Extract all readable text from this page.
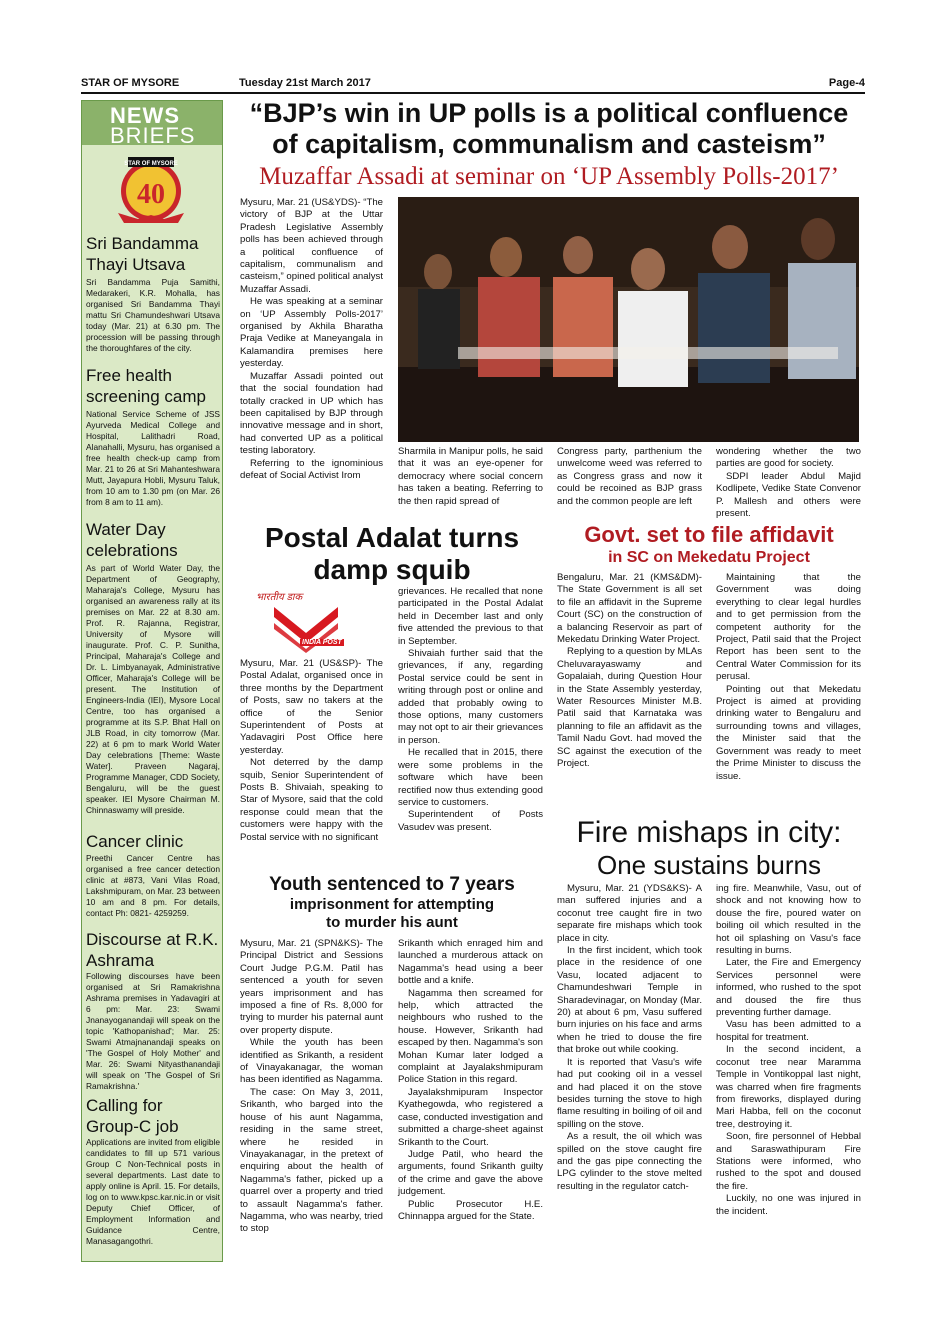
STAR OF MYSORE	Tuesday 21st March 2017	Page-4
NEWS
BRIEFS
STAR OF MYSORE
40
Sri Bandamma Thayi Utsava
Sri Bandamma Puja Samithi, Medarakeri, K.R. Mohalla, has organised Sri Bandamma Thayi mattu Sri Chamundeshwari Utsava today (Mar. 21) at 6.30 pm. The procession will be passing through the thoroughfares of the city.
Free health screening camp
National Service Scheme of JSS Ayurveda Medical College and Hospital, Lalithadri Road, Alanahalli, Mysuru, has organised a free health check-up camp from Mar. 21 to 26 at Sri Mahanteshwara Mutt, Jayapura Hobli, Mysuru Taluk, from 10 am to 1.30 pm (on Mar. 26 from 8 am to 11 am).
Water Day celebrations
As part of World Water Day, the Department of Geography, Maharaja's College, Mysuru has organised an awareness rally at its premises on Mar. 22 at 8.30 am. Prof. R. Rajanna, Registrar, University of Mysore will inaugurate. Prof. C. P. Sunitha, Principal, Maharaja's College and Dr. L. Limbyanayak, Administrative Officer, Maharaja's College will be present. The Institution of Engineers-India (IEI), Mysore Local Centre, too has organised a programme at its S.P. Bhat Hall on JLB Road, in city tomorrow (Mar. 22) at 6 pm to mark World Water Day celebrations [Theme: Waste Water]. Praveen Nagaraj, Programme Manager, CDD Society, Bengaluru, will be the guest speaker. IEI Mysore Chairman M. Chinnaswamy will preside.
Cancer clinic
Preethi Cancer Centre has organised a free cancer detection clinic at #873, Vani Vilas Road, Lakshmipuram, on Mar. 23 between 10 am and 8 pm. For details, contact Ph: 0821- 4259259.
Discourse at R.K. Ashrama
Following discourses have been organised at Sri Ramakrishna Ashrama premises in Yadavagiri at 6 pm: Mar. 23: Swami Jnanayoganandaji will speak on the topic 'Kathopanishad'; Mar. 25: Swami Atmajnanandaji speaks on 'The Gospel of Holy Mother' and Mar. 26: Swami Nityasthanandaji will speak on 'The Gospel of Sri Ramakrishna.'
Calling for Group-C job
Applications are invited from eligible candidates to fill up 571 various Group C Non-Technical posts in several departments. Last date to apply online is April. 15. For details, log on to www.kpsc.kar.nic.in or visit Deputy Chief Officer, of Employment Information and Guidance Centre, Manasagangothri.
“BJP’s win in UP polls is a political confluence
of capitalism, communalism and casteism”
Muzaffar Assadi at seminar on ‘UP Assembly Polls-2017’

Mysuru, Mar. 21 (US&YDS)- “The victory of BJP at the Uttar Pradesh Legislative Assembly polls has been achieved through a political confluence of capitalism, communalism and casteism,” opined political analyst Muzaffar Assadi.

He was speaking at a seminar on ‘UP Assembly Polls-2017’ organised by Akhila Bharatha Praja Vedike at Maneyangala in Kalamandira premises here yesterday.

Muzaffar Assadi pointed out that the social foundation had totally cracked in UP which has been capitalised by BJP through innovative message and in short, had converted UP as a political testing laboratory.

Referring to the ignominious defeat of Social Activist Irom

Sharmila in Manipur polls, he said that it was an eye-opener for democracy where social concern has taken a beating. Referring to the then rapid spread of

Congress party, parthenium the unwelcome weed was referred to as Congress grass and now it could be recoined as BJP grass and the common people are left

wondering whether the two parties are good for society.

SDPI leader Abdul Majid Kodlipete, Vedike State Convenor P. Mallesh and others were present.

Postal Adalat turns
damp squib
भारतीय डाक
INDIA POST

Mysuru, Mar. 21 (US&SP)- The Postal Adalat, organised once in three months by the Department of Posts, saw no takers at the office of the Senior Superintendent of Posts at Yadavagiri Post Office here yesterday.

Not deterred by the damp squib, Senior Superintendent of Posts B. Shivaiah, speaking to Star of Mysore, said that the cold response could mean that the customers were happy with the Postal service with no significant

grievances. He recalled that none participated in the Postal Adalat held in December last and only five attended the previous to that in September.

Shivaiah further said that the grievances, if any, regarding Postal service could be sent in writing through post or online and added that probably owing to those options, many customers may not opt to air their grievances in person.

He recalled that in 2015, there were some problems in the software which have been rectified now thus extending good service to customers.

Superintendent of Posts Vasudev was present.

Youth sentenced to 7 years
imprisonment for attempting
to murder his aunt

Mysuru, Mar. 21 (SPN&KS)- The Principal District and Sessions Court Judge P.G.M. Patil has sentenced a youth for seven years imprisonment and has imposed a fine of Rs. 8,000 for trying to murder his paternal aunt over property dispute.

While the youth has been identified as Srikanth, a resident of Vinayakanagar, the woman has been identified as Nagamma.

The case: On May 3, 2011, Srikanth, who barged into the house of his aunt Nagamma, residing in the same street, where he resided in Vinayakanagar, in the pretext of enquiring about the health of Nagamma's father, picked up a quarrel over a property and tried to assault Nagamma's father. Nagamma, who was nearby, tried to stop

Srikanth which enraged him and launched a murderous attack on Nagamma's head using a beer bottle and a knife.

Nagamma then screamed for help, which attracted the neighbours who rushed to the house. However, Srikanth had escaped by then. Nagamma's son Mohan Kumar later lodged a complaint at Jayalakshmipuram Police Station in this regard.

Jayalakshmipuram Inspector Kyathegowda, who registered a case, conducted investigation and submitted a charge-sheet against Srikanth to the Court.

Judge Patil, who heard the arguments, found Srikanth guilty of the crime and gave the above judgement.

Public Prosecutor H.E. Chinnappa argued for the State.

Govt. set to file affidavit
in SC on Mekedatu Project

Bengaluru, Mar. 21 (KMS&DM)- The State Government is all set to file an affidavit in the Supreme Court (SC) on the construction of a balancing Reservoir as part of Mekedatu Drinking Water Project.

Replying to a question by MLAs Cheluvarayaswamy and Gopalaiah, during Question Hour in the State Assembly yesterday, Water Resources Minister M.B. Patil said that Karnataka was planning to file an affidavit as the Tamil Nadu Govt. had moved the SC against the execution of the Project.

Maintaining that the Government was doing everything to clear legal hurdles and to get permission from the competent authority for the Project, Patil said that the Project Report has been sent to the Central Water Commission for its perusal.

Pointing out that Mekedatu Project is aimed at providing drinking water to Bengaluru and surrounding towns and villages, the Minister said that the Government was ready to meet the Prime Minister to discuss the issue.

Fire mishaps in city:
One sustains burns

Mysuru, Mar. 21 (YDS&KS)- A man suffered injuries and a coconut tree caught fire in two separate fire mishaps which took place in city.

In the first incident, which took place in the residence of one Vasu, located adjacent to Chamundeshwari Temple in Sharadevinagar, on Monday (Mar. 20) at about 6 pm, Vasu suffered burn injuries on his face and arms when he tried to douse the fire that broke out while cooking.

It is reported that Vasu's wife had put cooking oil in a vessel and had placed it on the stove besides turning the stove to high flame resulting in boiling of oil and spilling on the stove.

As a result, the oil which was spilled on the stove caught fire and the gas pipe connecting the LPG cylinder to the stove melted resulting in the regulator catch-

ing fire. Meanwhile, Vasu, out of shock and not knowing how to douse the fire, poured water on boiling oil which resulted in the hot oil splashing on Vasu's face resulting in burns.

Later, the Fire and Emergency Services personnel were informed, who rushed to the spot and doused the fire thus preventing further damage.

Vasu has been admitted to a hospital for treatment.

In the second incident, a coconut tree near Maramma Temple in Vontikoppal last night, was charred when fire fragments from fireworks, displayed during Mari Habba, fell on the coconut tree, destroying it.

Soon, fire personnel of Hebbal and Saraswathipuram Fire Stations were informed, who rushed to the spot and doused the fire.

Luckily, no one was injured in the incident.
